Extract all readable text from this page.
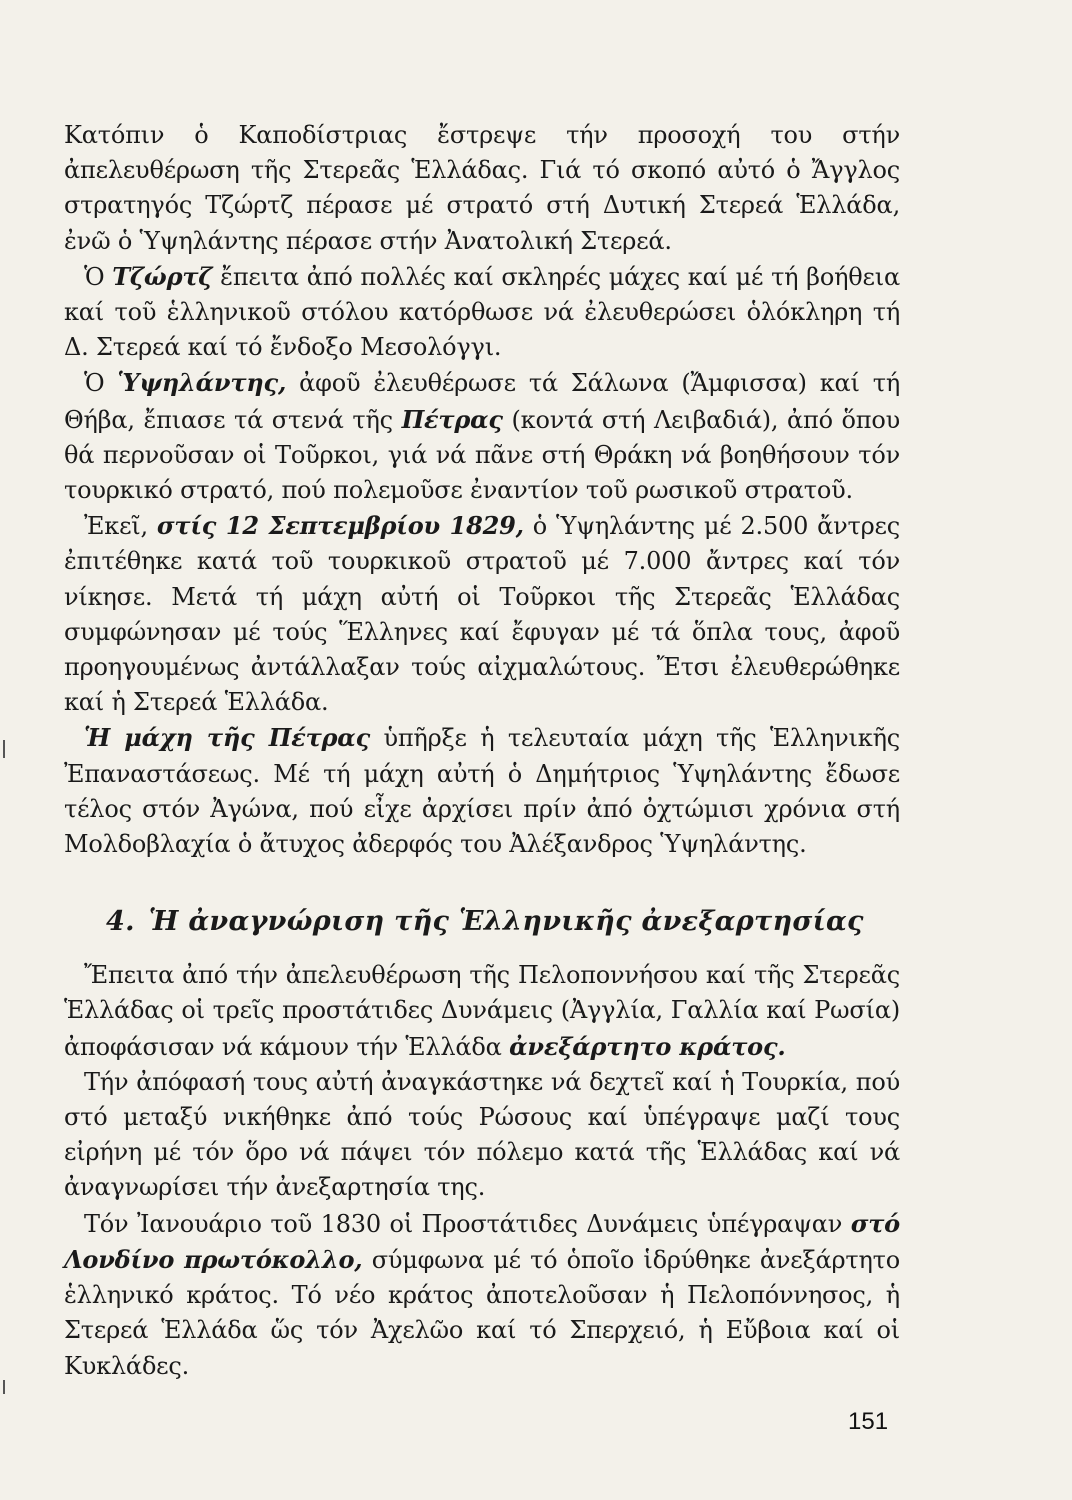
Κατόπιν ὁ Καποδίστριας ἔστρεψε τήν προσοχή του στήν ἀπελευθέρωση τῆς Στερεᾶς Ἑλλάδας. Γιά τό σκοπό αὐτό ὁ Ἄγγλος στρατηγός Τζώρτζ πέρασε μέ στρατό στή Δυτική Στερεά Ἑλλάδα, ἐνῶ ὁ Ὑψηλάντης πέρασε στήν Ἀνατολική Στερεά.

Ὁ Τζώρτζ ἔπειτα ἀπό πολλές καί σκληρές μάχες καί μέ τή βοήθεια καί τοῦ ἑλληνικοῦ στόλου κατόρθωσε νά ἐλευθερώσει ὁλόκληρη τή Δ. Στερεά καί τό ἔνδοξο Μεσολόγγι.

Ὁ Ὑψηλάντης, ἀφοῦ ἐλευθέρωσε τά Σάλωνα (Ἄμφισσα) καί τή Θήβα, ἔπιασε τά στενά τῆς Πέτρας (κοντά στή Λειβαδιά), ἀπό ὅπου θά περνοῦσαν οἱ Τοῦρκοι, γιά νά πᾶνε στή Θράκη νά βοηθήσουν τόν τουρκικό στρατό, πού πολεμοῦσε ἐναντίον τοῦ ρωσικοῦ στρατοῦ.

Ἐκεῖ, στίς 12 Σεπτεμβρίου 1829, ὁ Ὑψηλάντης μέ 2.500 ἄντρες ἐπιτέθηκε κατά τοῦ τουρκικοῦ στρατοῦ μέ 7.000 ἄντρες καί τόν νίκησε. Μετά τή μάχη αὐτή οἱ Τοῦρκοι τῆς Στερεᾶς Ἑλλάδας συμφώνησαν μέ τούς Ἕλληνες καί ἔφυγαν μέ τά ὅπλα τους, ἀφοῦ προηγουμένως ἀντάλλαξαν τούς αἰχμαλώτους. Ἔτσι ἐλευθερώθηκε καί ἡ Στερεά Ἑλλάδα.

Ἡ μάχη τῆς Πέτρας ὑπῆρξε ἡ τελευταία μάχη τῆς Ἑλληνικῆς Ἐπαναστάσεως. Μέ τή μάχη αὐτή ὁ Δημήτριος Ὑψηλάντης ἔδωσε τέλος στόν Ἀγώνα, πού εἶχε ἀρχίσει πρίν ἀπό ὀχτώμισι χρόνια στή Μολδοβλαχία ὁ ἄτυχος ἀδερφός του Ἀλέξανδρος Ὑψηλάντης.

4. Ἡ ἀναγνώριση τῆς Ἑλληνικῆς ἀνεξαρτησίας

Ἔπειτα ἀπό τήν ἀπελευθέρωση τῆς Πελοποννήσου καί τῆς Στερεᾶς Ἑλλάδας οἱ τρεῖς προστάτιδες Δυνάμεις (Ἀγγλία, Γαλλία καί Ρωσία) ἀποφάσισαν νά κάμουν τήν Ἑλλάδα ἀνεξάρτητο κράτος.

Τήν ἀπόφασή τους αὐτή ἀναγκάστηκε νά δεχτεῖ καί ἡ Τουρκία, πού στό μεταξύ νικήθηκε ἀπό τούς Ρώσους καί ὑπέγραψε μαζί τους εἰρήνη μέ τόν ὅρο νά πάψει τόν πόλεμο κατά τῆς Ἑλλάδας καί νά ἀναγνωρίσει τήν ἀνεξαρτησία της.

Τόν Ἰανουάριο τοῦ 1830 οἱ Προστάτιδες Δυνάμεις ὑπέγραψαν στό Λονδίνο πρωτόκολλο, σύμφωνα μέ τό ὁποῖο ἱδρύθηκε ἀνεξάρτητο ἑλληνικό κράτος. Τό νέο κράτος ἀποτελοῦσαν ἡ Πελοπόννησος, ἡ Στερεά Ἑλλάδα ὥς τόν Ἀχελῶο καί τό Σπερχειό, ἡ Εὔβοια καί οἱ Κυκλάδες.

151
